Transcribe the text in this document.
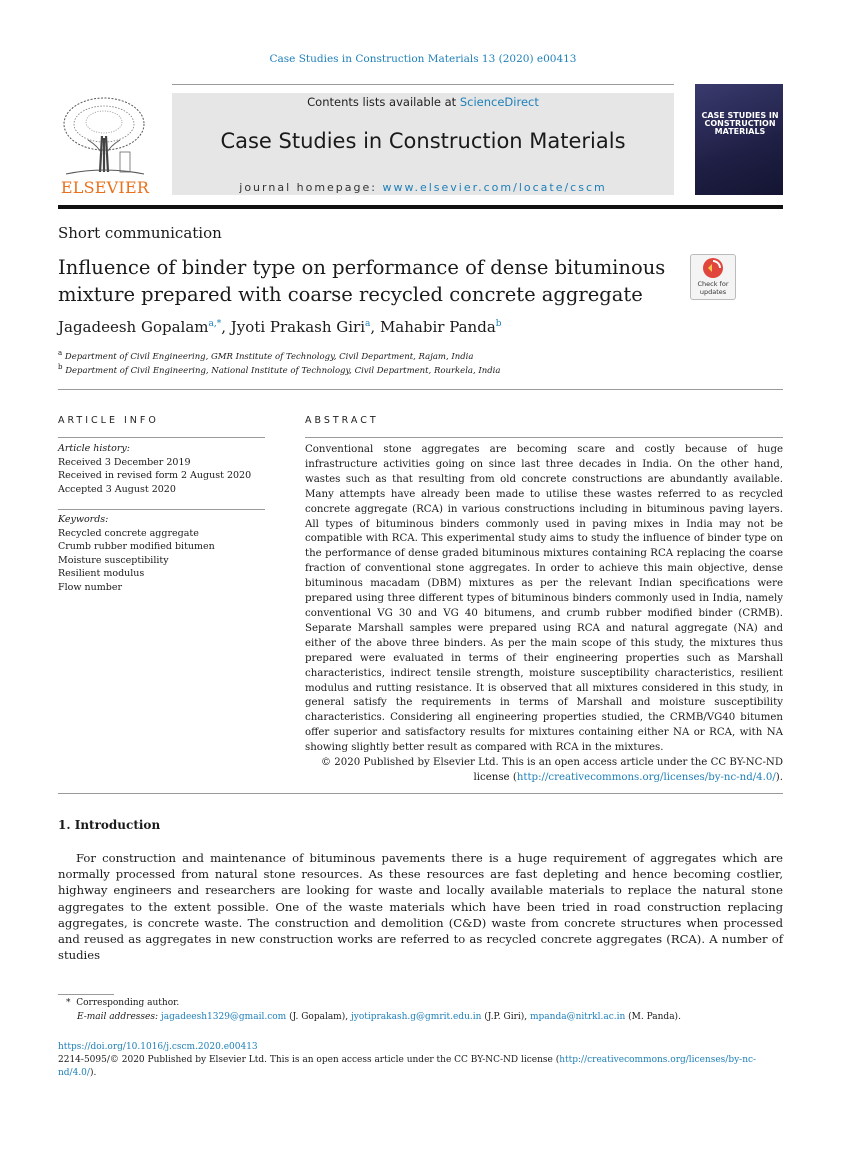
Case Studies in Construction Materials 13 (2020) e00413
ELSEVIER
Contents lists available at ScienceDirect
Case Studies in Construction Materials
journal homepage: www.elsevier.com/locate/cscm
CASE STUDIES IN CONSTRUCTION MATERIALS
Short communication
Influence of binder type on performance of dense bituminous
mixture prepared with coarse recycled concrete aggregate	Check for
updates
Jagadeesh Gopalam$^{a,*}$, Jyoti Prakash Giri$^a$, Mahabir Panda$^b$
$^a$ Department of Civil Engineering, GMR Institute of Technology, Civil Department, Rajam, India
$^b$ Department of Civil Engineering, National Institute of Technology, Civil Department, Rourkela, India
ARTICLE INFO
Article history:
Received 3 December 2019
Received in revised form 2 August 2020
Accepted 3 August 2020
Keywords:
Recycled concrete aggregate
Crumb rubber modified bitumen
Moisture susceptibility
Resilient modulus
Flow number
ABSTRACT

Conventional stone aggregates are becoming scare and costly because of huge infrastructure activities going on since last three decades in India. On the other hand, wastes such as that resulting from old concrete constructions are abundantly available. Many attempts have already been made to utilise these wastes referred to as recycled concrete aggregate (RCA) in various constructions including in bituminous paving layers. All types of bituminous binders commonly used in paving mixes in India may not be compatible with RCA. This experimental study aims to study the influence of binder type on the performance of dense graded bituminous mixtures containing RCA replacing the coarse fraction of conventional stone aggregates. In order to achieve this main objective, dense bituminous macadam (DBM) mixtures as per the relevant Indian specifications were prepared using three different types of bituminous binders commonly used in India, namely conventional VG 30 and VG 40 bitumens, and crumb rubber modified binder (CRMB). Separate Marshall samples were prepared using RCA and natural aggregate (NA) and either of the above three binders. As per the main scope of this study, the mixtures thus prepared were evaluated in terms of their engineering properties such as Marshall characteristics, indirect tensile strength, moisture susceptibility characteristics, resilient modulus and rutting resistance. It is observed that all mixtures considered in this study, in general satisfy the requirements in terms of Marshall and moisture susceptibility characteristics. Considering all engineering properties studied, the CRMB/VG40 bitumen offer superior and satisfactory results for mixtures containing either NA or RCA, with NA showing slightly better result as compared with RCA in the mixtures.

© 2020 Published by Elsevier Ltd. This is an open access article under the CC BY-NC-ND

license (http://creativecommons.org/licenses/by-nc-nd/4.0/).

1. Introduction

For construction and maintenance of bituminous pavements there is a huge requirement of aggregates which are normally processed from natural stone resources. As these resources are fast depleting and hence becoming costlier, highway engineers and researchers are looking for waste and locally available materials to replace the natural stone aggregates to the extent possible. One of the waste materials which have been tried in road construction replacing aggregates, is concrete waste. The construction and demolition (C&D) waste from concrete structures when processed and reused as aggregates in new construction works are referred to as recycled concrete aggregates (RCA). A number of studies

* Corresponding author.
E-mail addresses: jagadeesh1329@gmail.com (J. Gopalam), jyotiprakash.g@gmrit.edu.in (J.P. Giri), mpanda@nitrkl.ac.in (M. Panda).
https://doi.org/10.1016/j.cscm.2020.e00413
2214-5095/© 2020 Published by Elsevier Ltd. This is an open access article under the CC BY-NC-ND license (http://creativecommons.org/licenses/by-nc-nd/4.0/).
